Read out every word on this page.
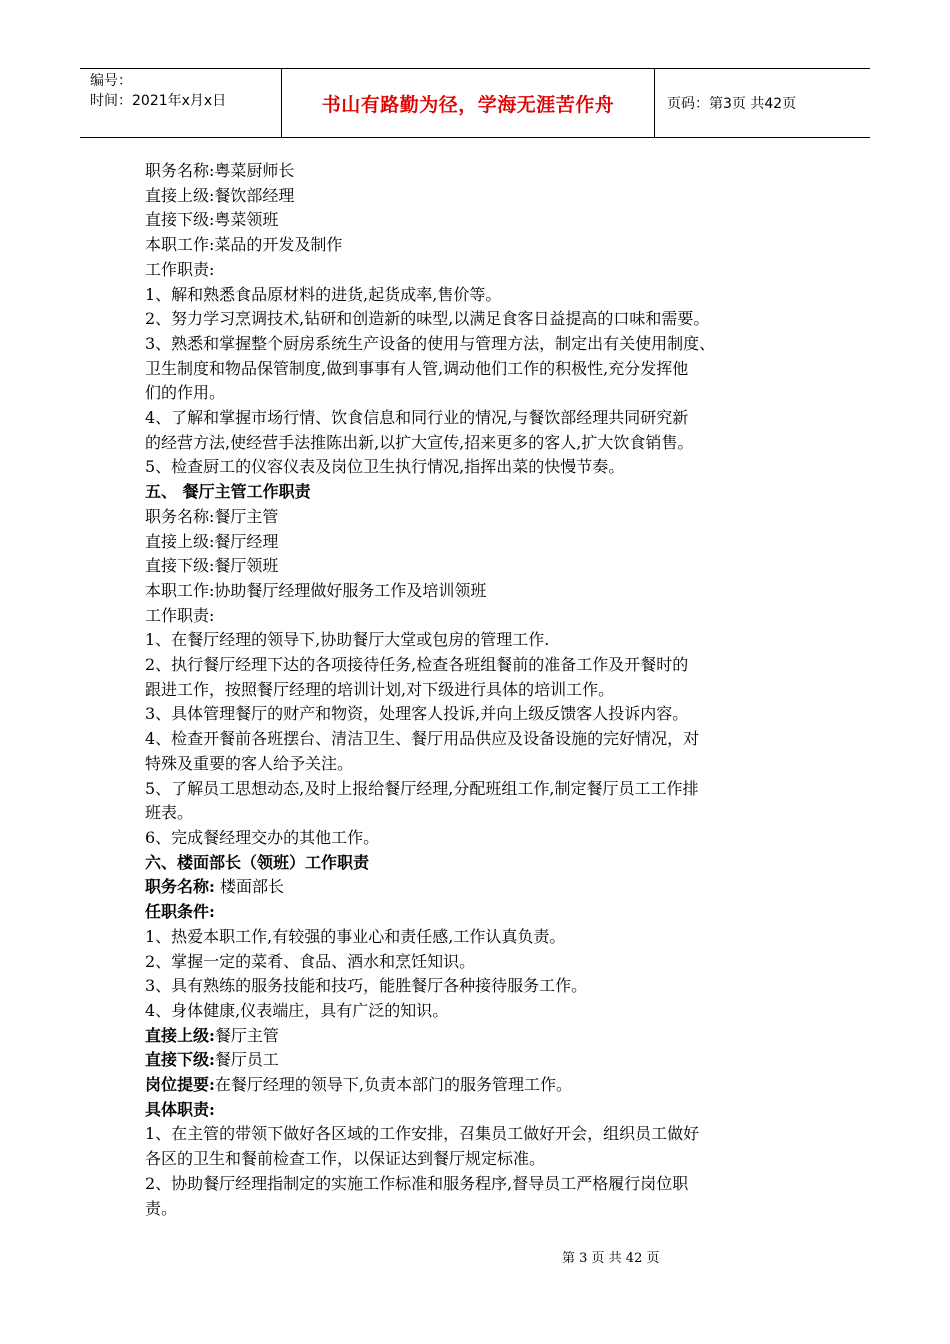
编号：
时间：2021年x月x日	书山有路勤为径，学海无涯苦作舟	页码：第3页 共42页

职务名称:粤菜厨师长

直接上级:餐饮部经理

直接下级:粤菜领班

本职工作:菜品的开发及制作

工作职责:

1、解和熟悉食品原材料的进货,起货成率,售价等。

2、努力学习烹调技术,钻研和创造新的味型,以满足食客日益提高的口味和需要。

3、熟悉和掌握整个厨房系统生产设备的使用与管理方法，制定出有关使用制度、

卫生制度和物品保管制度,做到事事有人管,调动他们工作的积极性,充分发挥他

们的作用。

4、了解和掌握市场行情、饮食信息和同行业的情况,与餐饮部经理共同研究新

的经营方法,使经营手法推陈出新,以扩大宣传,招来更多的客人,扩大饮食销售。

5、检查厨工的仪容仪表及岗位卫生执行情况,指挥出菜的快慢节奏。

五、 餐厅主管工作职责

职务名称:餐厅主管

直接上级:餐厅经理

直接下级:餐厅领班

本职工作:协助餐厅经理做好服务工作及培训领班

工作职责:

1、在餐厅经理的领导下,协助餐厅大堂或包房的管理工作.

2、执行餐厅经理下达的各项接待任务,检查各班组餐前的准备工作及开餐时的

跟进工作，按照餐厅经理的培训计划,对下级进行具体的培训工作。

3、具体管理餐厅的财产和物资，处理客人投诉,并向上级反馈客人投诉内容。

4、检查开餐前各班摆台、清洁卫生、餐厅用品供应及设备设施的完好情况，对

特殊及重要的客人给予关注。

5、了解员工思想动态,及时上报给餐厅经理,分配班组工作,制定餐厅员工工作排

班表。

6、完成餐经理交办的其他工作。

六、楼面部长（领班）工作职责

职务名称: 楼面部长

任职条件:

1、热爱本职工作,有较强的事业心和责任感,工作认真负责。

2、掌握一定的菜肴、食品、酒水和烹饪知识。

3、具有熟练的服务技能和技巧，能胜餐厅各种接待服务工作。

4、身体健康,仪表端庄，具有广泛的知识。

直接上级:餐厅主管

直接下级:餐厅员工

岗位提要:在餐厅经理的领导下,负责本部门的服务管理工作。

具体职责:

1、在主管的带领下做好各区域的工作安排，召集员工做好开会，组织员工做好

各区的卫生和餐前检查工作，以保证达到餐厅规定标准。

2、协助餐厅经理指制定的实施工作标准和服务程序,督导员工严格履行岗位职

责。

第 3 页 共 42 页
